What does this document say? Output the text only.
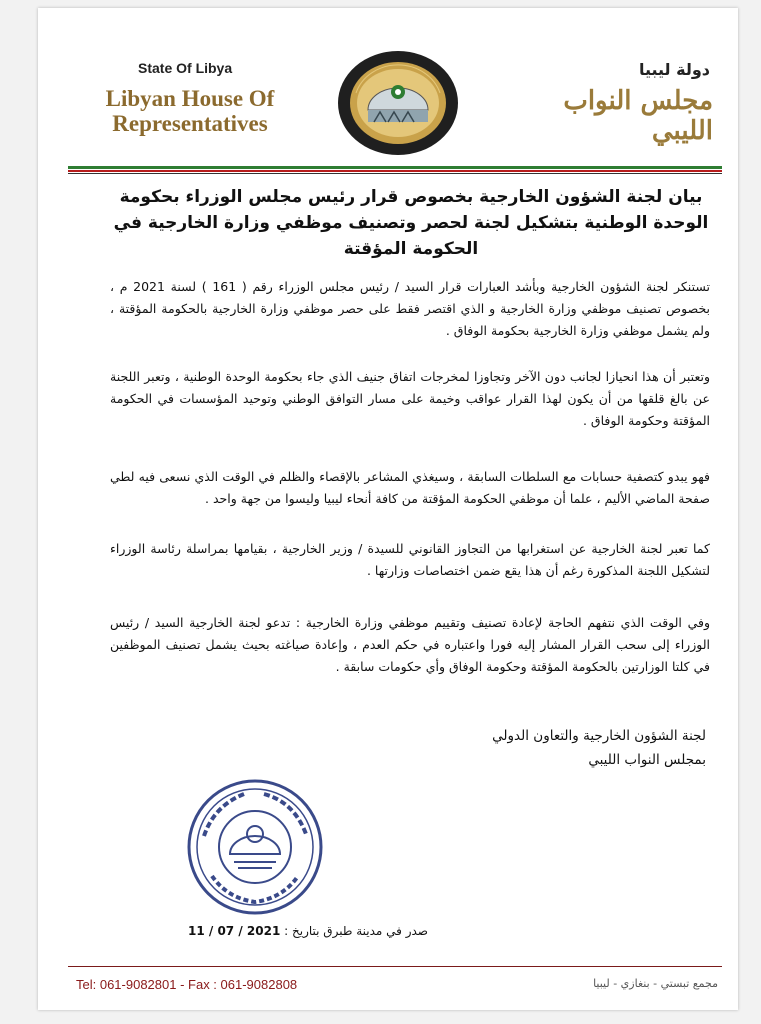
State Of Libya
Libyan House Of Representatives
دولة ليبيا
مجلس النواب الليبي
بيان لجنة الشؤون الخارجية بخصوص قرار رئيس مجلس الوزراء بحكومة الوحدة الوطنية بتشكيل لجنة لحصر وتصنيف موظفي وزارة الخارجية في الحكومة المؤقتة
تستنكر لجنة الشؤون الخارجية وبأشد العبارات قرار السيد / رئيس مجلس الوزراء رقم ( 161 ) لسنة 2021 م ، بخصوص تصنيف موظفي وزارة الخارجية و الذي اقتصر فقط على حصر موظفي وزارة الخارجية بالحكومة المؤقتة ، ولم يشمل موظفي وزارة الخارجية بحكومة الوفاق .
وتعتبر أن هذا انحيازا لجانب دون الآخر وتجاوزا لمخرجات اتفاق جنيف الذي جاء بحكومة الوحدة الوطنية ، وتعبر اللجنة عن بالغ قلقها من أن يكون لهذا القرار عواقب وخيمة على مسار التوافق الوطني وتوحيد المؤسسات في الحكومة المؤقتة وحكومة الوفاق .
فهو يبدو كتصفية حسابات مع السلطات السابقة ، وسيغذي المشاعر بالإقصاء والظلم في الوقت الذي نسعى فيه لطي صفحة الماضي الأليم ، علما أن موظفي الحكومة المؤقتة من كافة أنحاء ليبيا وليسوا من جهة واحد .
كما تعبر لجنة الخارجية عن استغرابها من التجاوز القانوني للسيدة / وزير الخارجية ، بقيامها بمراسلة رئاسة الوزراء لتشكيل اللجنة المذكورة رغم أن هذا يقع ضمن اختصاصات وزارتها .
وفي الوقت الذي نتفهم الحاجة لإعادة تصنيف وتقييم موظفي وزارة الخارجية : تدعو لجنة الخارجية السيد / رئيس الوزراء إلى سحب القرار المشار إليه فورا واعتباره في حكم العدم ، وإعادة صياغته بحيث يشمل تصنيف الموظفين في كلتا الوزارتين بالحكومة المؤقتة وحكومة الوفاق وأي حكومات سابقة .
لجنة الشؤون الخارجية والتعاون الدولي
بمجلس النواب الليبي
صدر في مدينة طبرق بتاريخ : 2021 / 07 / 11
Tel: 061-9082801 - Fax : 061-9082808	مجمع تبستي - بنغازي - ليبيا
